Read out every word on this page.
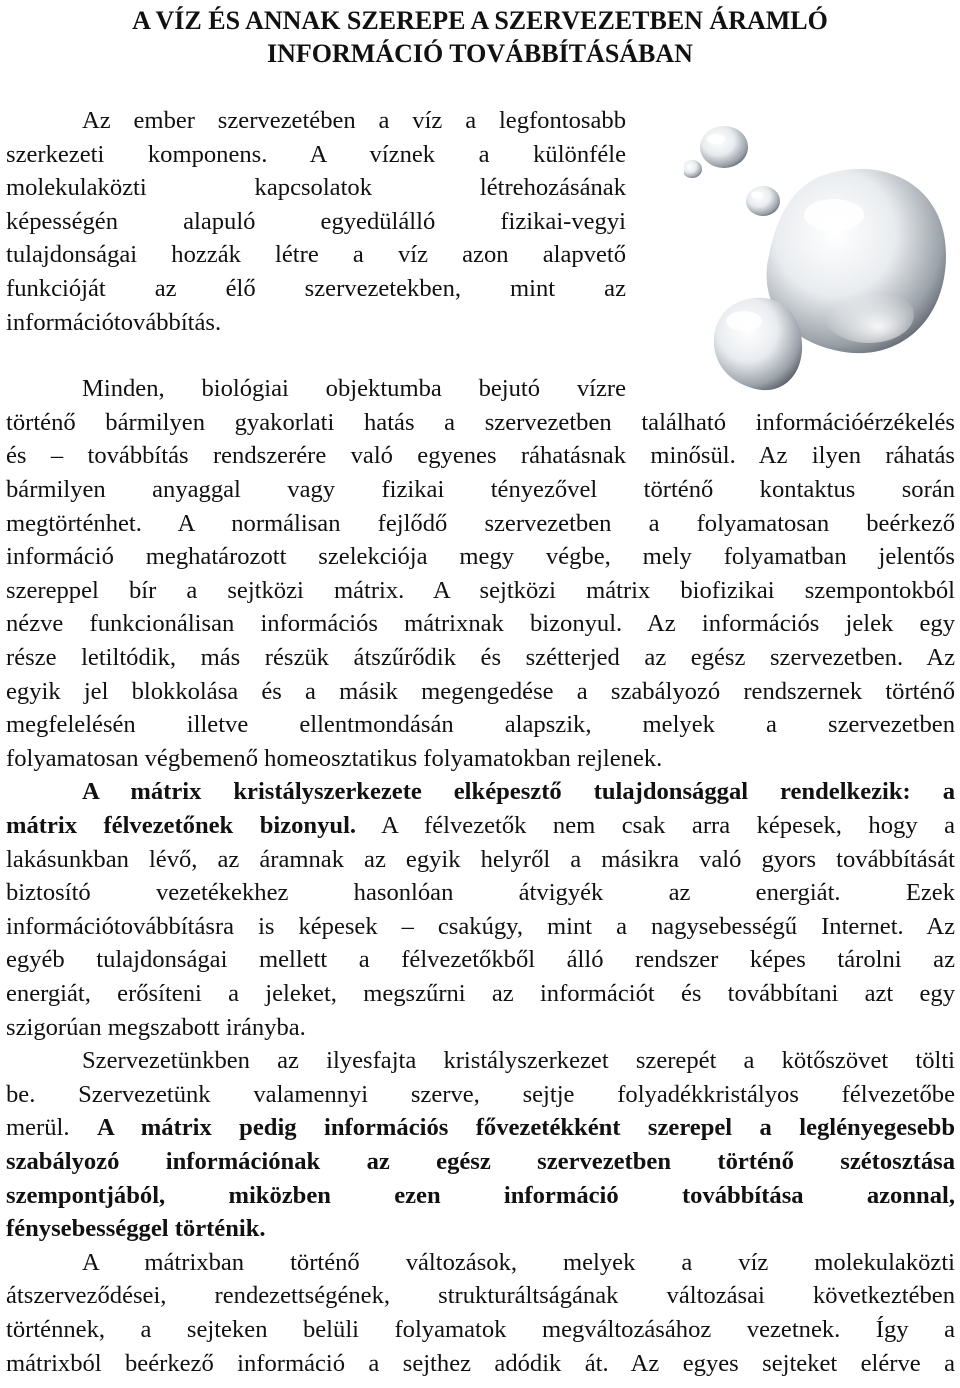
A VÍZ ÉS ANNAK SZEREPE A SZERVEZETBEN ÁRAMLÓ
INFORMÁCIÓ TOVÁBBÍTÁSÁBAN
Az ember szervezetében a víz a legfontosabb
szerkezeti komponens. A víznek a különféle
molekulaközti kapcsolatok létrehozásának
képességén alapuló egyedülálló fizikai-vegyi
tulajdonságai hozzák létre a víz azon alapvető
funkcióját az élő szervezetekben, mint az
információtovábbítás.
Minden, biológiai objektumba bejutó vízre
történő bármilyen gyakorlati hatás a szervezetben található információérzékelés
és – továbbítás rendszerére való egyenes ráhatásnak minősül. Az ilyen ráhatás
bármilyen anyaggal vagy fizikai tényezővel történő kontaktus során
megtörténhet. A normálisan fejlődő szervezetben a folyamatosan beérkező
információ meghatározott szelekciója megy végbe, mely folyamatban jelentős
szereppel bír a sejtközi mátrix. A sejtközi mátrix biofizikai szempontokból
nézve funkcionálisan információs mátrixnak bizonyul. Az információs jelek egy
része letiltódik, más részük átszűrődik és szétterjed az egész szervezetben. Az
egyik jel blokkolása és a másik megengedése a szabályozó rendszernek történő
megfelelésén illetve ellentmondásán alapszik, melyek a szervezetben
folyamatosan végbemenő homeosztatikus folyamatokban rejlenek.
A mátrix kristályszerkezete elképesztő tulajdonsággal rendelkezik: a
mátrix félvezetőnek bizonyul. A félvezetők nem csak arra képesek, hogy a
lakásunkban lévő, az áramnak az egyik helyről a másikra való gyors továbbítását
biztosító vezetékekhez hasonlóan átvigyék az energiát. Ezek
információtovábbításra is képesek – csakúgy, mint a nagysebességű Internet. Az
egyéb tulajdonságai mellett a félvezetőkből álló rendszer képes tárolni az
energiát, erősíteni a jeleket, megszűrni az információt és továbbítani azt egy
szigorúan megszabott irányba.
Szervezetünkben az ilyesfajta kristályszerkezet szerepét a kötőszövet tölti
be. Szervezetünk valamennyi szerve, sejtje folyadékkristályos félvezetőbe
merül. A mátrix pedig információs fővezetékként szerepel a leglényegesebb
szabályozó információnak az egész szervezetben történő szétosztása
szempontjából, miközben ezen információ továbbítása azonnal,
fénysebességgel történik.
A mátrixban történő változások, melyek a víz molekulaközti
átszerveződései, rendezettségének, strukturáltságának változásai következtében
történnek, a sejteken belüli folyamatok megváltozásához vezetnek. Így a
mátrixból beérkező információ a sejthez adódik át. Az egyes sejteket elérve a
